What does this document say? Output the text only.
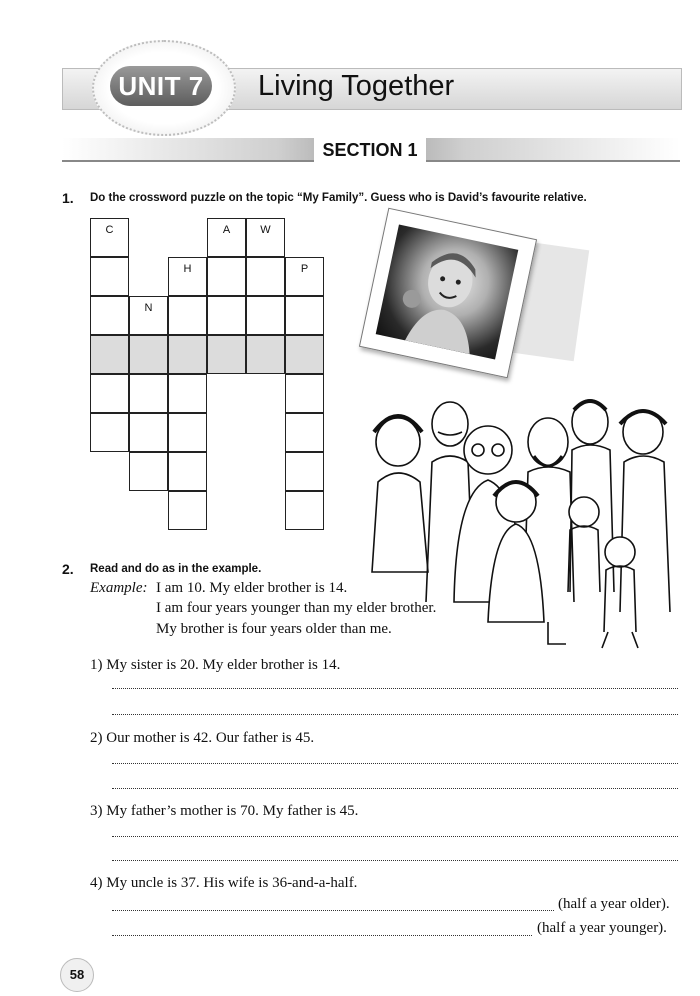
UNIT 7 Living Together
SECTION 1
1. Do the crossword puzzle on the topic “My Family”. Guess who is David’s favourite relative.
C	A	W
H	P
N
2. Read and do as in the example.
Example: I am 10. My elder brother is 14.
I am four years younger than my elder brother.
My brother is four years older than me.
1) My sister is 20. My elder brother is 14.
2) Our mother is 42. Our father is 45.
3) My father’s mother is 70. My father is 45.
4) My uncle is 37. His wife is 36-and-a-half.
(half a year older).
(half a year younger).
58
